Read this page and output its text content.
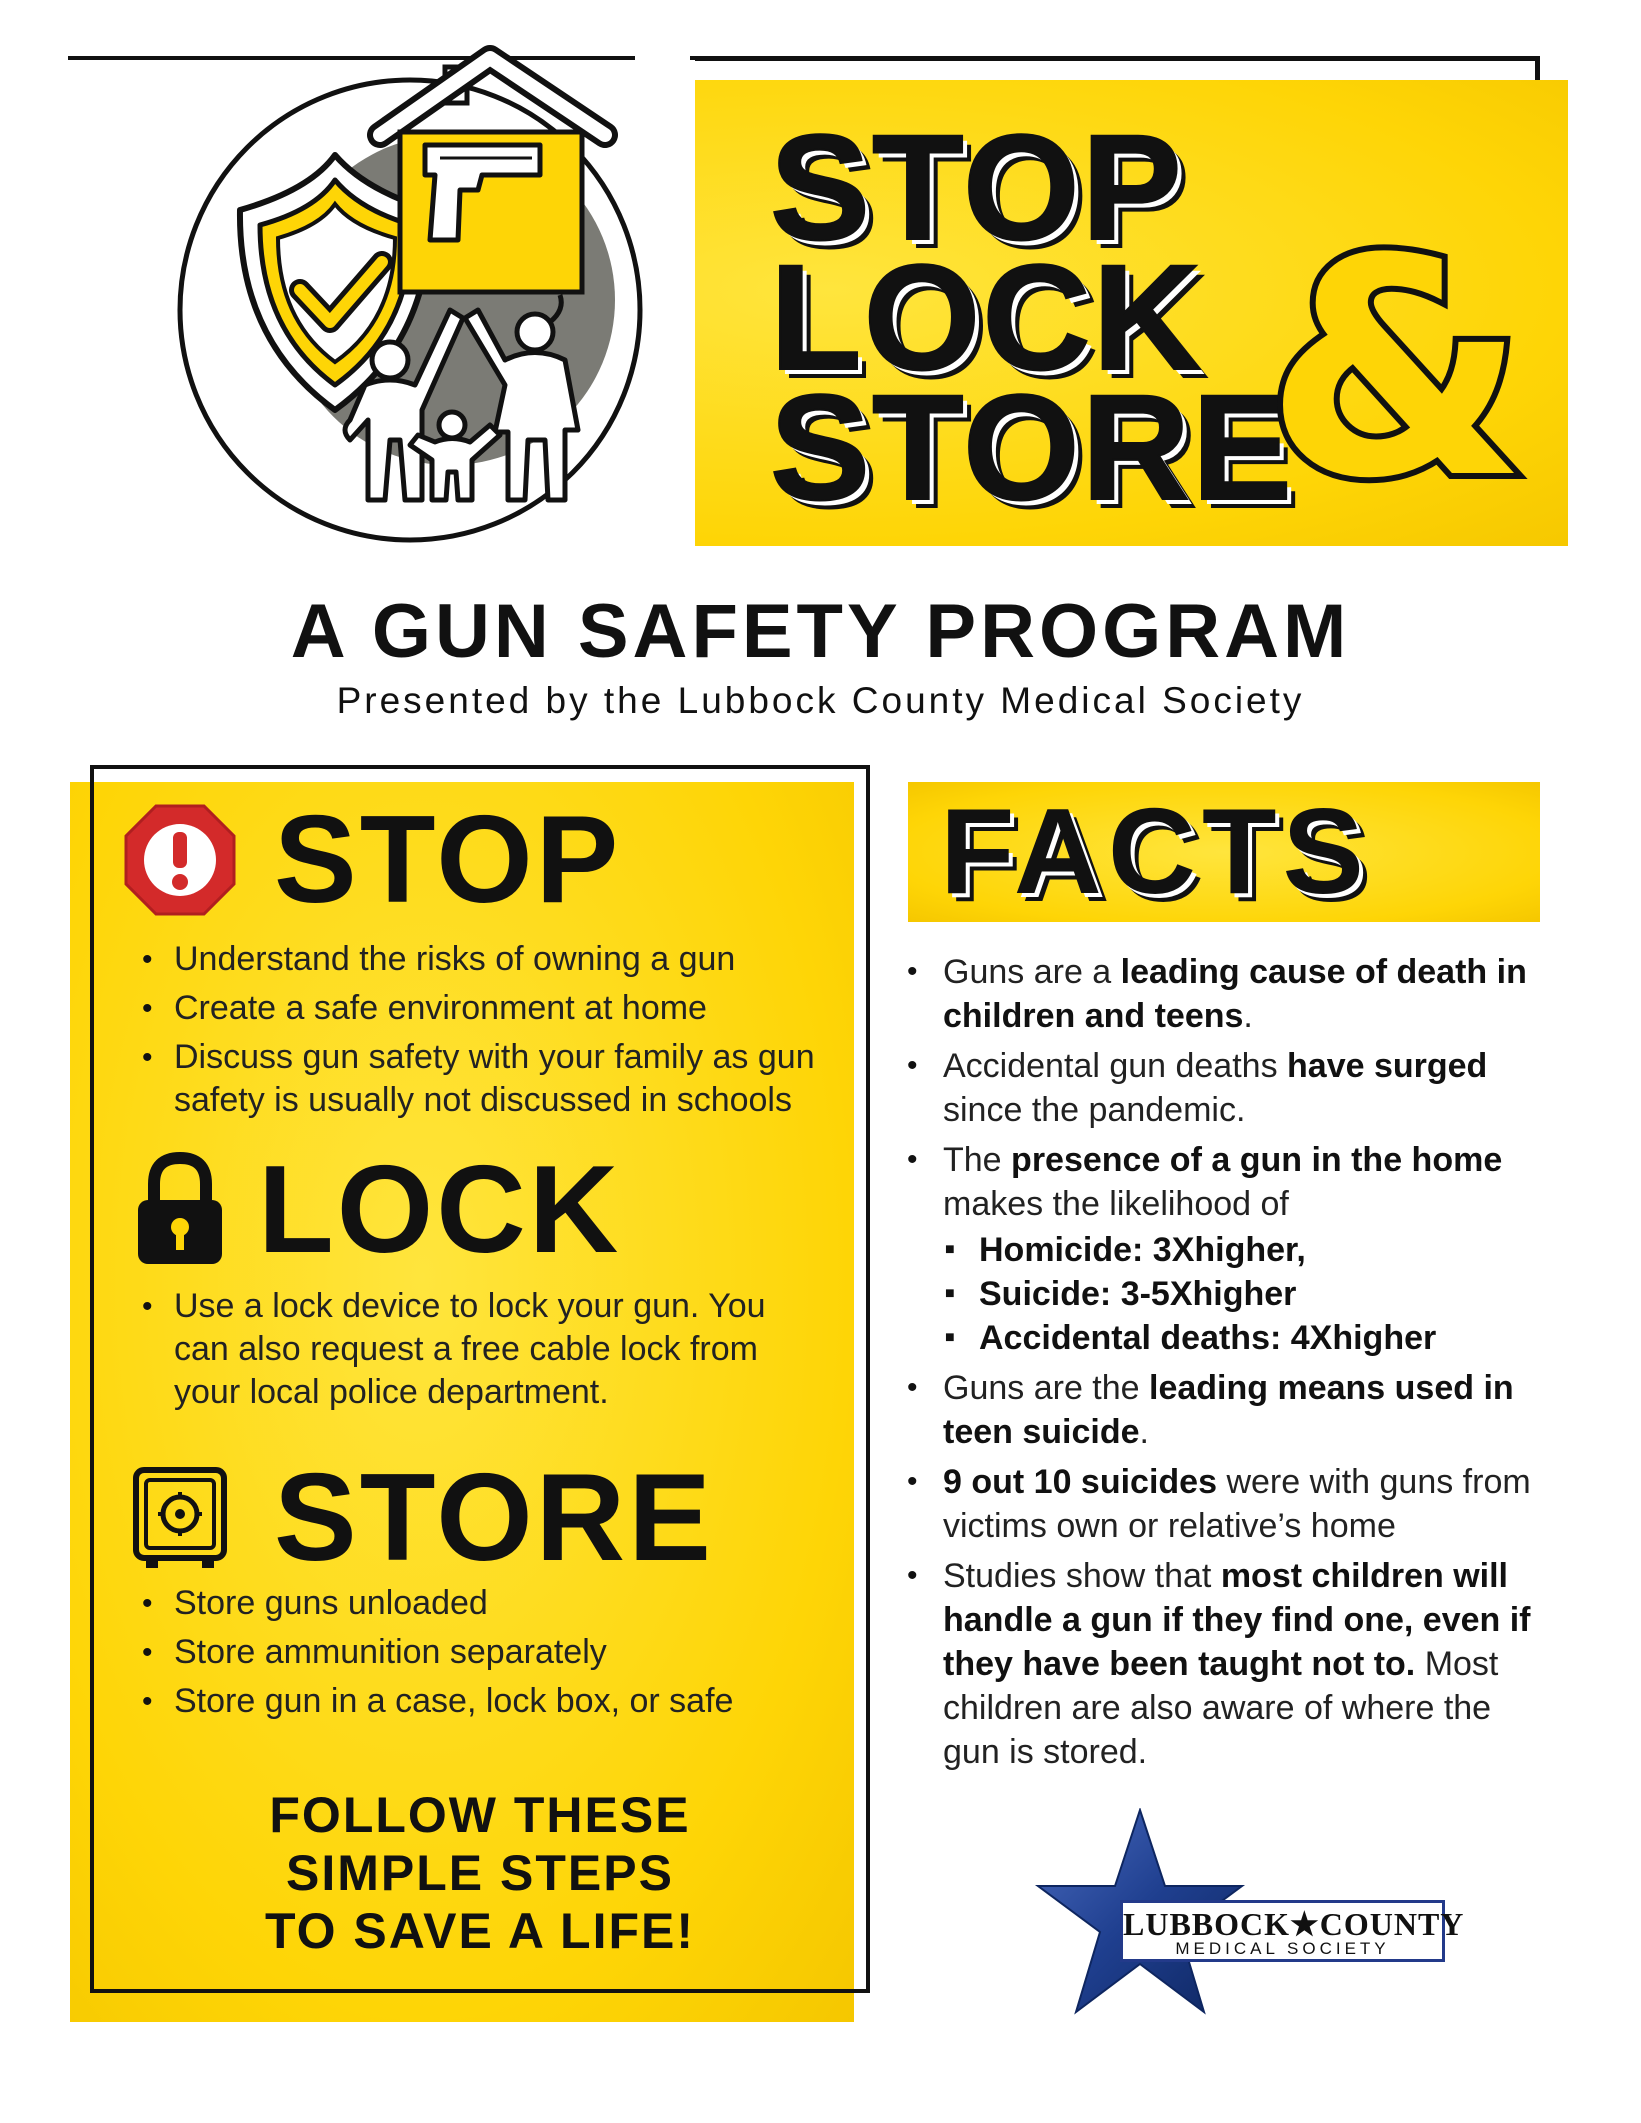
STOP
LOCK
STORE
&
A GUN SAFETY PROGRAM
Presented by the Lubbock County Medical Society
STOP
• Understand the risks of owning a gun
• Create a safe environment at home
• Discuss gun safety with your family as gun safety is usually not discussed in schools
LOCK
• Use a lock device to lock your gun. You can also request a free cable lock from your local police department.
STORE
• Store guns unloaded
• Store ammunition separately
• Store gun in a case, lock box, or safe
FOLLOW THESE
SIMPLE STEPS
TO SAVE A LIFE!
FACTS
• Guns are a leading cause of death in children and teens.
• Accidental gun deaths have surged since the pandemic.
• The presence of a gun in the home makes the likelihood of
■ Homicide: 3Xhigher,
■ Suicide: 3-5Xhigher
■ Accidental deaths: 4Xhigher
• Guns are the leading means used in teen suicide.
• 9 out 10 suicides were with guns from victims own or relative’s home
• Studies show that most children will handle a gun if they find one, even if they have been taught not to. Most children are also aware of where the gun is stored.
LUBBOCK★COUNTY
MEDICAL SOCIETY
